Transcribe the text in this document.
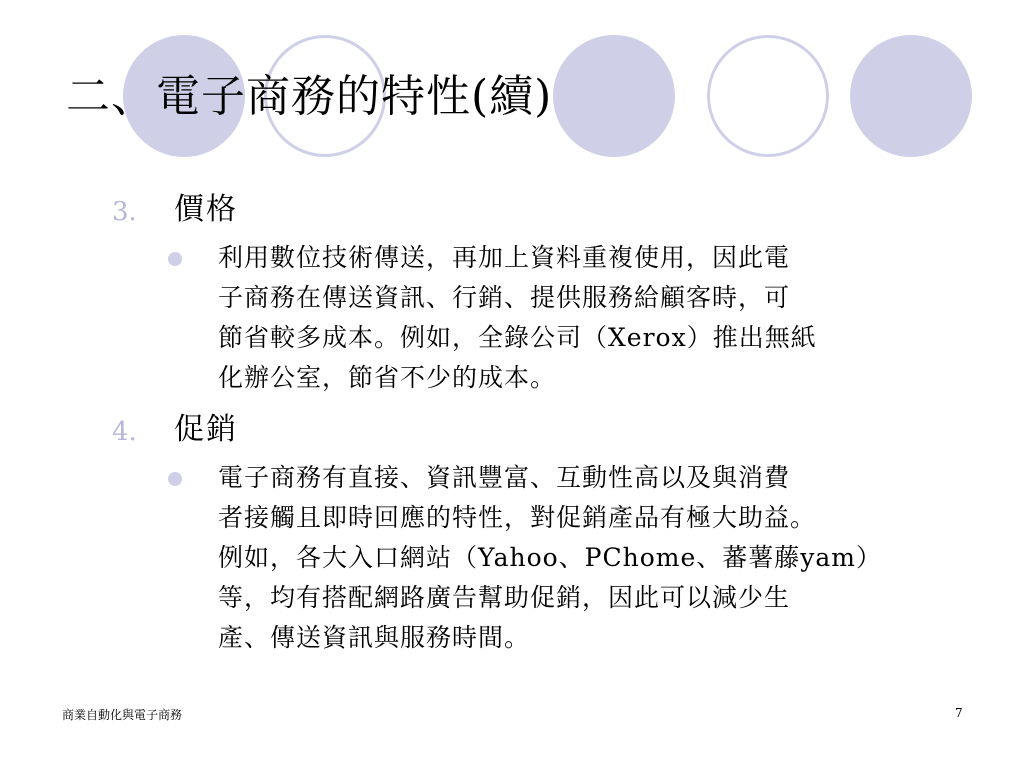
二、電子商務的特性(續)
3. 價格
利用數位技術傳送，再加上資料重複使用，因此電
子商務在傳送資訊、行銷、提供服務給顧客時，可
節省較多成本。例如，全錄公司（Xerox）推出無紙
化辦公室，節省不少的成本。
4. 促銷
電子商務有直接、資訊豐富、互動性高以及與消費
者接觸且即時回應的特性，對促銷產品有極大助益。
例如，各大入口網站（Yahoo、PChome、蕃薯藤yam）
等，均有搭配網路廣告幫助促銷，因此可以減少生
產、傳送資訊與服務時間。
商業自動化與電子商務	7
